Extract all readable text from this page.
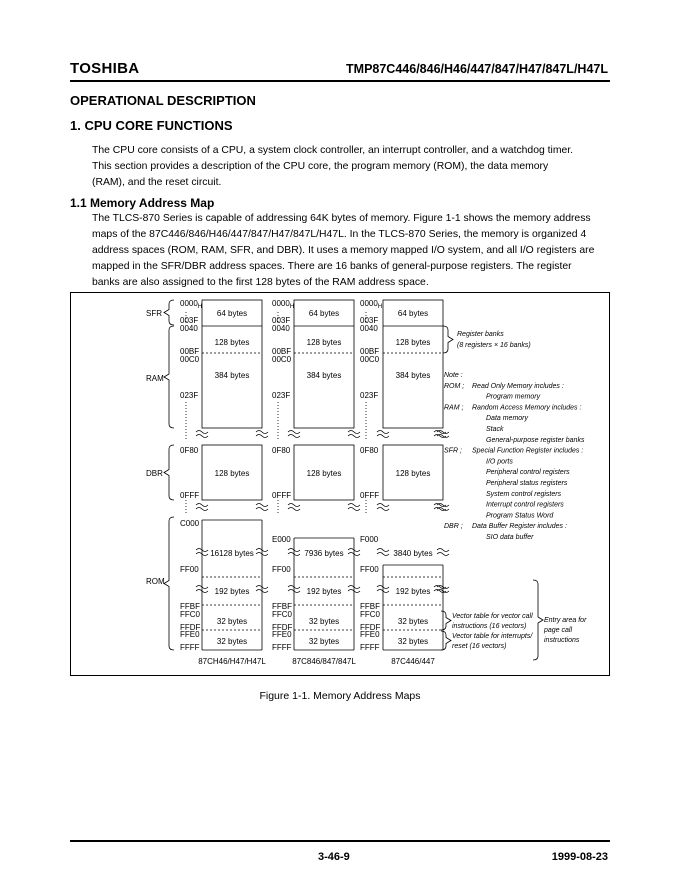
TOSHIBA	TMP87C446/846/H46/447/847/H47/847L/H47L
OPERATIONAL DESCRIPTION
1. CPU CORE FUNCTIONS
The CPU core consists of a CPU, a system clock controller, an interrupt controller, and a watchdog timer.
This section provides a description of the CPU core, the program memory (ROM), the data memory
(RAM), and the reset circuit.
1.1 Memory Address Map
The TLCS-870 Series is capable of addressing 64K bytes of memory. Figure 1-1 shows the memory address
maps of the 87C446/846/H46/447/847/H47/847L/H47L. In the TLCS-870 Series, the memory is organized 4
address spaces (ROM, RAM, SFR, and DBR). It uses a memory mapped I/O system, and all I/O registers are
mapped in the SFR/DBR address spaces. There are 16 banks of general-purpose registers. The register
banks are also assigned to the first 128 bytes of the RAM address space.
SFR
RAM
DBR
ROM
$0000_H$
003F
0040
00BF
00C0
023F
0F80
0FFF
C000
FF00
FFBF
FFC0
FFDF
FFE0
FFFF
64 bytes
128 bytes
384 bytes
128 bytes
16128 bytes
192 bytes
32 bytes
32 bytes
87CH46/H47/H47L
$0000_H$
003F
0040
00BF
00C0
023F
0F80
0FFF
E000
FF00
FFBF
FFC0
FFDF
FFE0
FFFF
64 bytes
128 bytes
384 bytes
128 bytes
7936 bytes
192 bytes
32 bytes
32 bytes
87C846/847/847L
$0000_H$
003F
0040
00BF
00C0
023F
0F80
0FFF
F000
FF00
FFBF
FFC0
FFDF
FFE0
FFFF
64 bytes
128 bytes
384 bytes
128 bytes
3840 bytes
192 bytes
32 bytes
32 bytes
87C446/447
Register banks
(8 registers × 16 banks)
Note :
ROM ; Read Only Memory includes :
Program memory
RAM ; Random Access Memory includes :
Data memory
Stack
General-purpose register banks
SFR ; Special Function Register includes :
I/O ports
Peripheral control registers
Peripheral status registers
System control registers
Interrupt control registers
Program Status Word
DBR ; Data Buffer Register includes :
SIO data buffer
Vector table for vector call
instructions (16 vectors)
Vector table for interrupts/
reset (16 vectors)
Entry area for
page call
instructions
Figure 1-1. Memory Address Maps
3-46-9	1999-08-23
